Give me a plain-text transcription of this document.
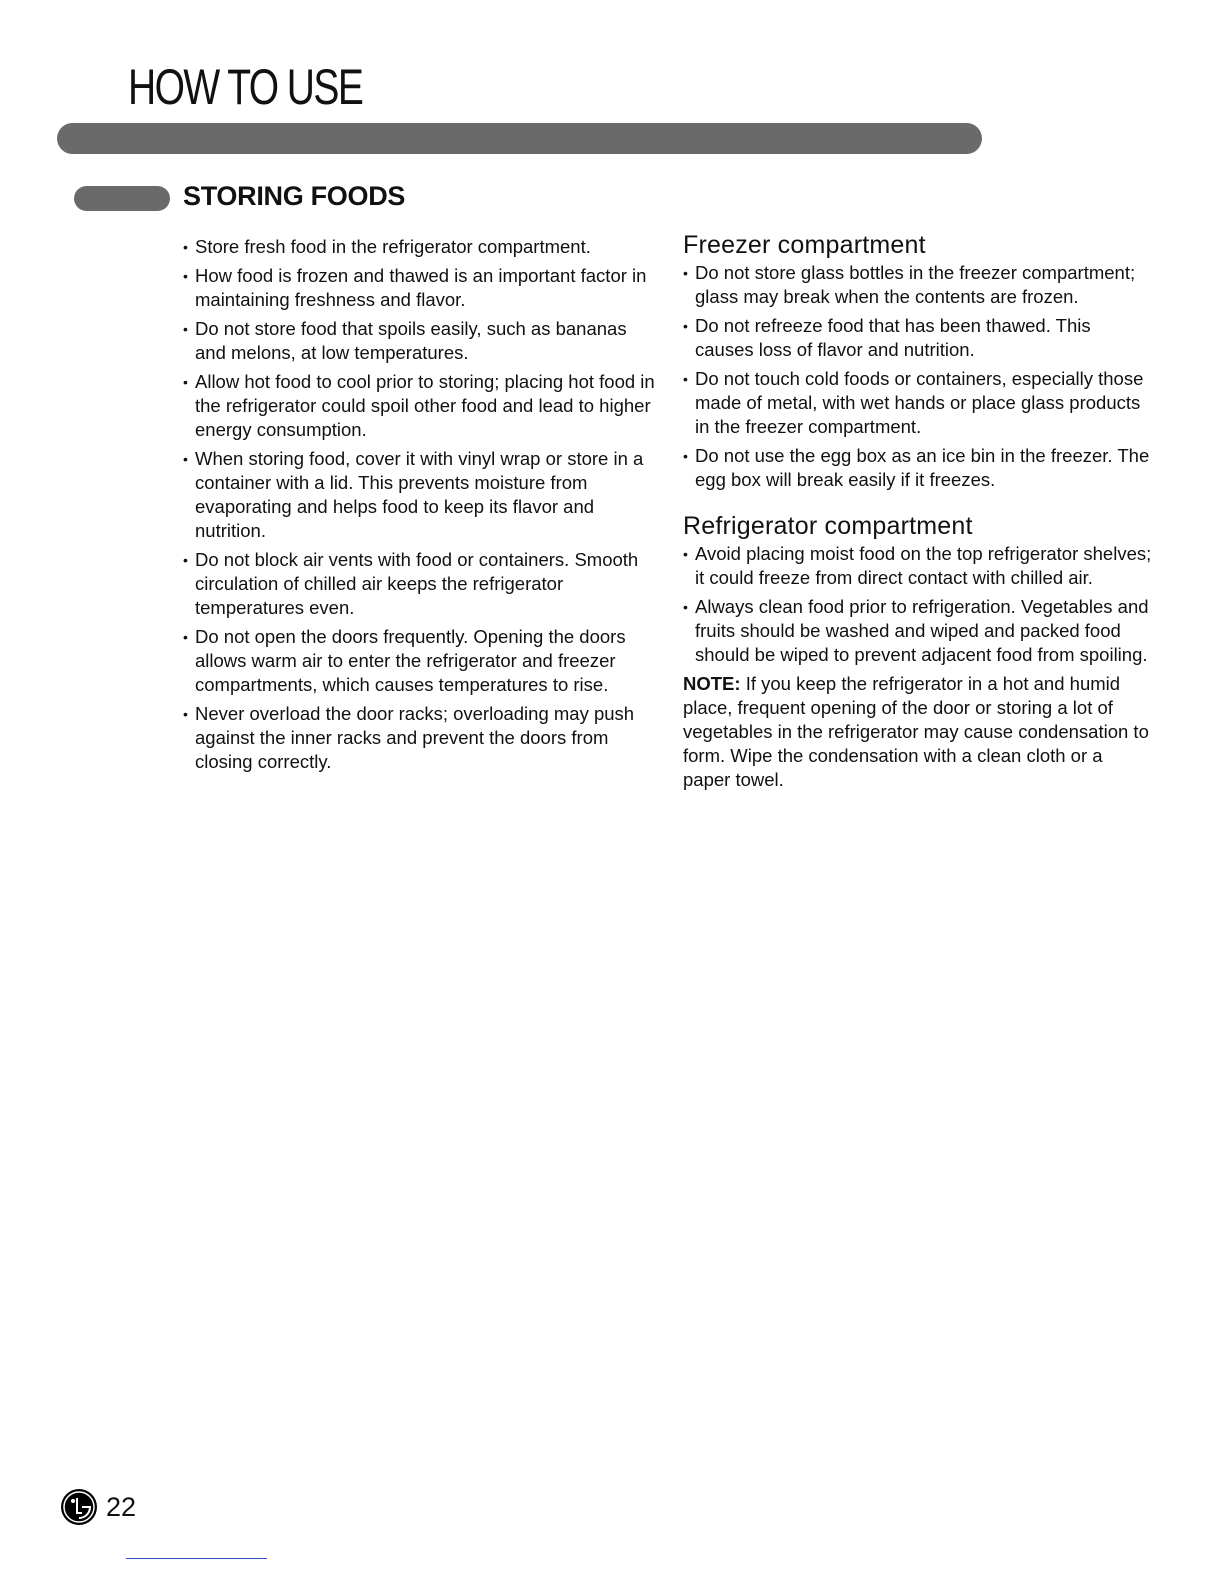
HOW TO USE
STORING FOODS
• Store fresh food in the refrigerator compartment.
• How food is frozen and thawed is an important factor in maintaining freshness and flavor.
• Do not store food that spoils easily, such as bananas and melons, at low temperatures.
• Allow hot food to cool prior to storing; placing hot food in the refrigerator could spoil other food and lead to higher energy consumption.
• When storing food, cover it with vinyl wrap or store in a container with a lid. This prevents moisture from evaporating and helps food to keep its flavor and nutrition.
• Do not block air vents with food or containers. Smooth circulation of chilled air keeps the refrigerator temperatures even.
• Do not open the doors frequently. Opening the doors allows warm air to enter the refrigerator and freezer compartments, which causes temperatures to rise.
• Never overload the door racks; overloading may push against the inner racks and prevent the doors from closing correctly.
Freezer compartment
• Do not store glass bottles in the freezer compartment; glass may break when the contents are frozen.
• Do not refreeze food that has been thawed. This causes loss of flavor and nutrition.
• Do not touch cold foods or containers, especially those made of metal, with wet hands or place glass products in the freezer compartment.
• Do not use the egg box as an ice bin in the freezer. The egg box will break easily if it freezes.
Refrigerator compartment
• Avoid placing moist food on the top refrigerator shelves; it could freeze from direct contact with chilled air.
• Always clean food prior to refrigeration. Vegetables and fruits should be washed and wiped and packed food should be wiped to prevent adjacent food from spoiling.

NOTE: If you keep the refrigerator in a hot and humid place, frequent opening of the door or storing a lot of vegetables in the refrigerator may cause condensation to form. Wipe the condensation with a clean cloth or a paper towel.

22
